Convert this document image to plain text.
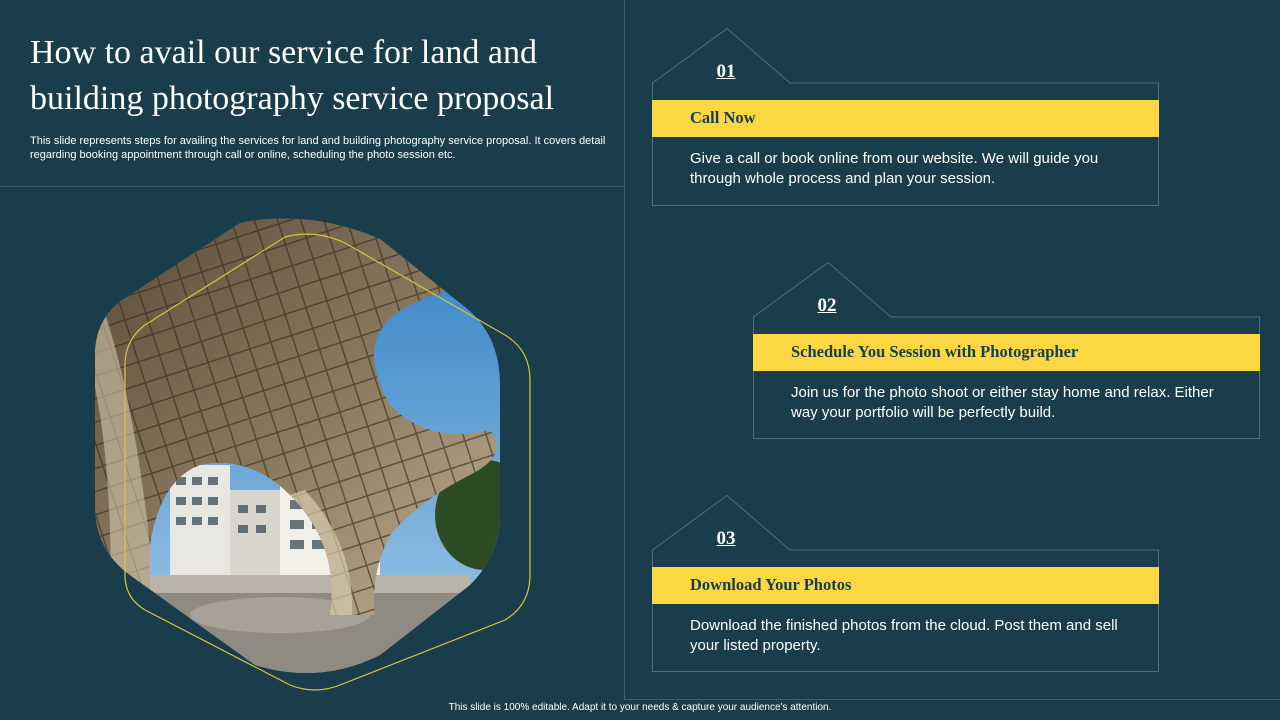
How to avail our service for land and building photography service proposal
This slide represents steps for availing the services for land and building photography service proposal. It covers detail regarding booking appointment through call or online, scheduling the photo session etc.
01
Call Now
Give a call or book online from our website. We will guide you through whole process and plan your session.
02
Schedule You Session with Photographer
Join us for the photo shoot or either stay home and relax. Either way your portfolio will be perfectly build.
03
Download Your Photos
Download the finished photos from the cloud. Post them and sell your listed property.
This slide is 100% editable. Adapt it to your needs & capture your audience's attention.
